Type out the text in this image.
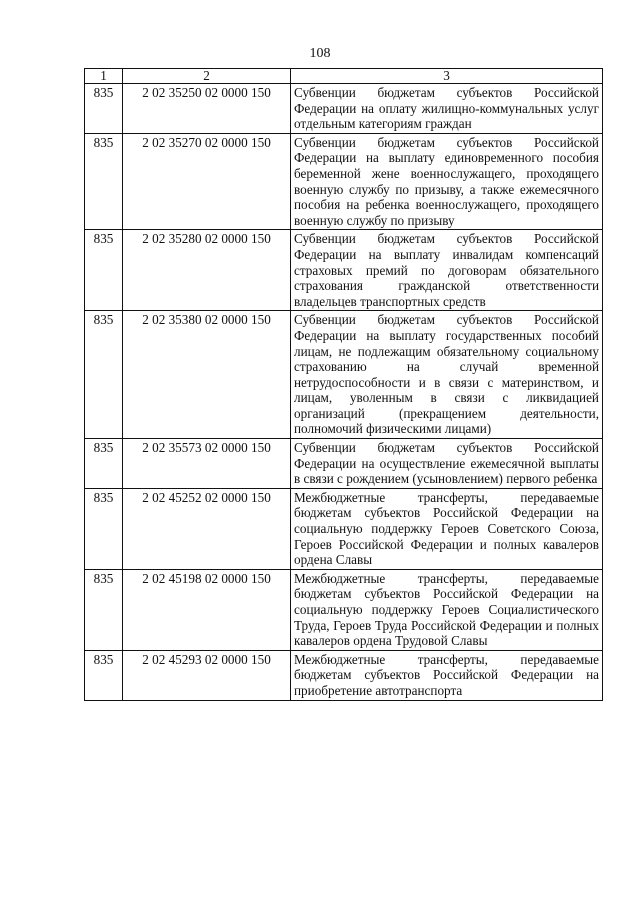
108
1	2	3
835	2 02 35250 02 0000 150	Субвенции бюджетам субъектов Российской Федерации на оплату жилищно-коммунальных услуг отдельным категориям граждан
835	2 02 35270 02 0000 150	Субвенции бюджетам субъектов Российской Федерации на выплату единовременного пособия беременной жене военнослужащего, проходящего военную службу по призыву, а также ежемесячного пособия на ребенка военнослужащего, проходящего военную службу по призыву
835	2 02 35280 02 0000 150	Субвенции бюджетам субъектов Российской Федерации на выплату инвалидам компенсаций страховых премий по договорам обязательного страхования гражданской ответственности владельцев транспортных средств
835	2 02 35380 02 0000 150	Субвенции бюджетам субъектов Российской Федерации на выплату государственных пособий лицам, не подлежащим обязательному социальному страхованию на случай временной нетрудоспособности и в связи с материнством, и лицам, уволенным в связи с ликвидацией организаций (прекращением деятельности, полномочий физическими лицами)
835	2 02 35573 02 0000 150	Субвенции бюджетам субъектов Российской Федерации на осуществление ежемесячной выплаты в связи с рождением (усыновлением) первого ребенка
835	2 02 45252 02 0000 150	Межбюджетные трансферты, передаваемые бюджетам субъектов Российской Федерации на социальную поддержку Героев Советского Союза, Героев Российской Федерации и полных кавалеров ордена Славы
835	2 02 45198 02 0000 150	Межбюджетные трансферты, передаваемые бюджетам субъектов Российской Федерации на социальную поддержку Героев Социалистического Труда, Героев Труда Российской Федерации и полных кавалеров ордена Трудовой Славы
835	2 02 45293 02 0000 150	Межбюджетные трансферты, передаваемые бюджетам субъектов Российской Федерации на приобретение автотранспорта
